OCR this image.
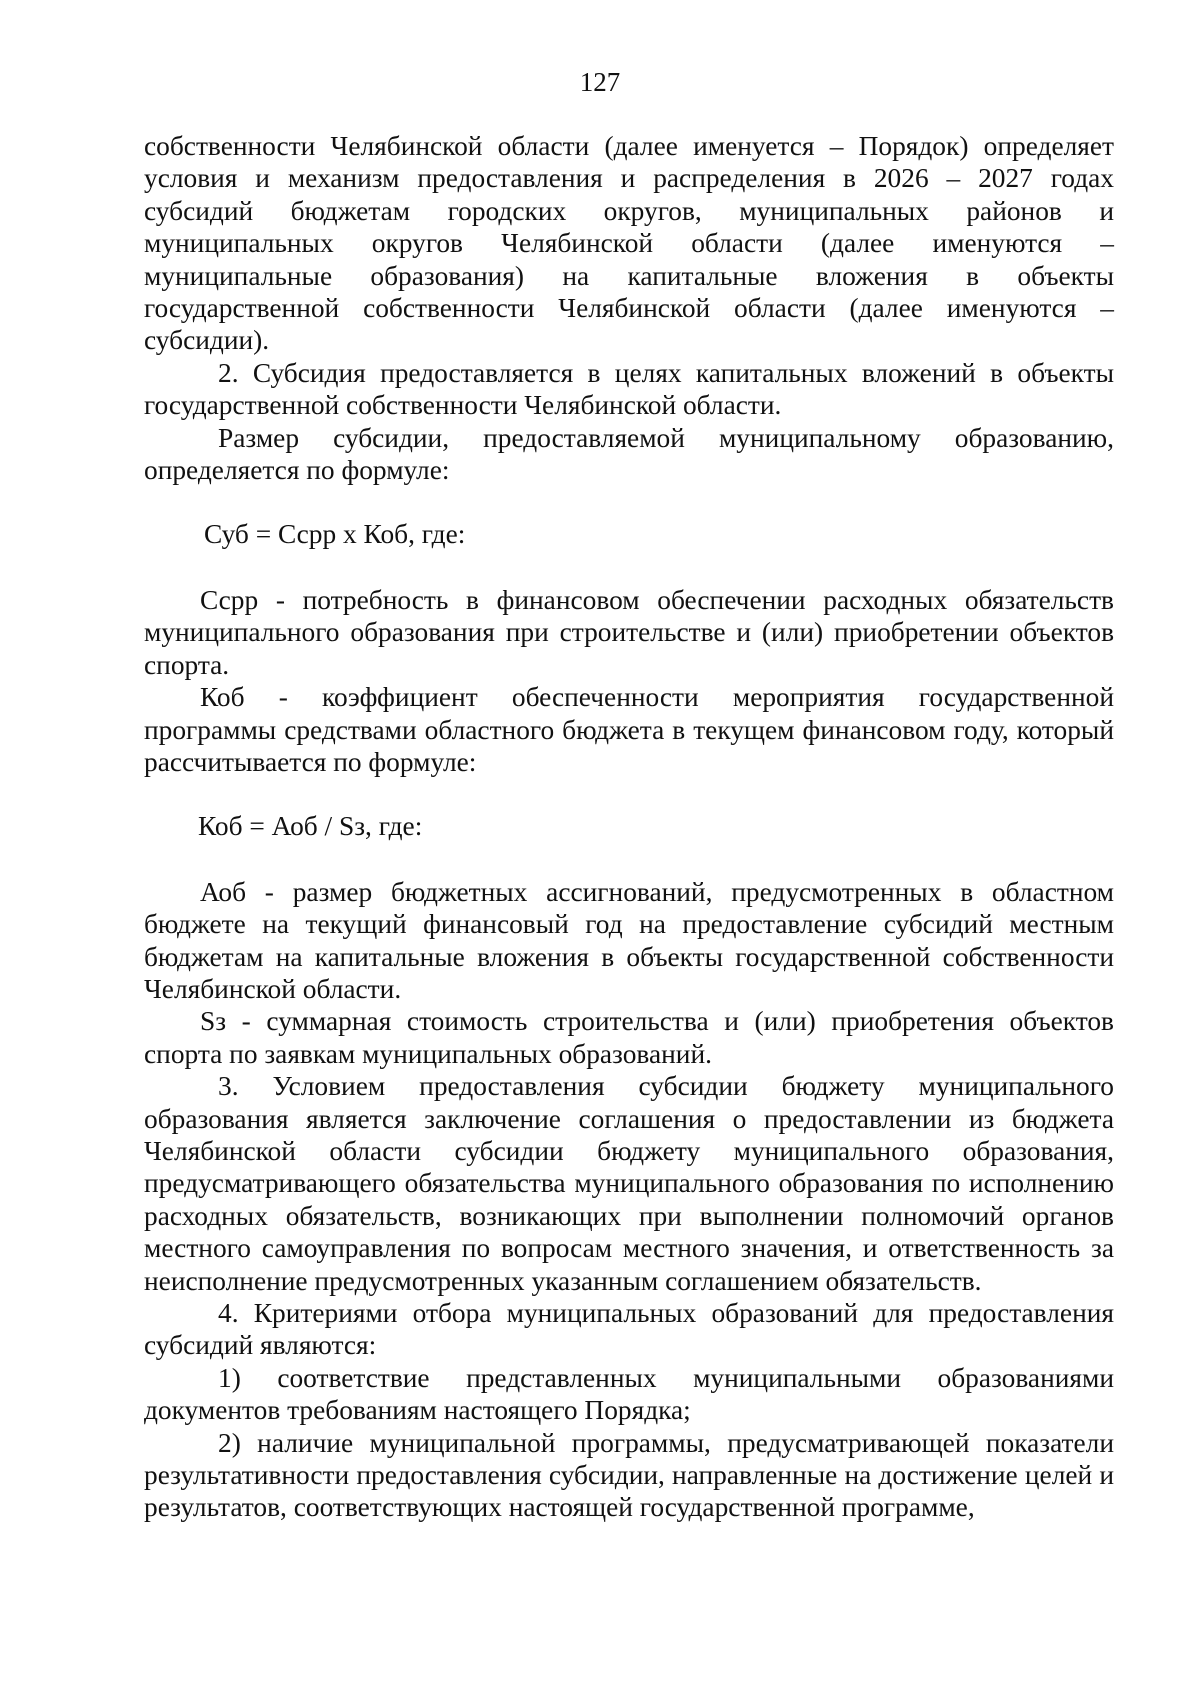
127

собственности Челябинской области (далее именуется – Порядок) определяет условия и механизм предоставления и распределения в 2026 – 2027 годах субсидий бюджетам городских округов, муниципальных районов и муниципальных округов Челябинской области (далее именуются – муниципальные образования) на капитальные вложения в объекты государственной собственности Челябинской области (далее именуются – субсидии).

2. Субсидия предоставляется в целях капитальных вложений в объекты государственной собственности Челябинской области.

Размер субсидии, предоставляемой муниципальному образованию, определяется по формуле:

Суб = Ссрр x Коб, где:

Ссрр - потребность в финансовом обеспечении расходных обязательств муниципального образования при строительстве и (или) приобретении объектов спорта.

Коб - коэффициент обеспеченности мероприятия государственной программы средствами областного бюджета в текущем финансовом году, который рассчитывается по формуле:

Коб = Аоб / Sз, где:

Аоб - размер бюджетных ассигнований, предусмотренных в областном бюджете на текущий финансовый год на предоставление субсидий местным бюджетам на капитальные вложения в объекты государственной собственности Челябинской области.

Sз - суммарная стоимость строительства и (или) приобретения объектов спорта по заявкам муниципальных образований.

3. Условием предоставления субсидии бюджету муниципального образования является заключение соглашения о предоставлении из бюджета Челябинской области субсидии бюджету муниципального образования, предусматривающего обязательства муниципального образования по исполнению расходных обязательств, возникающих при выполнении полномочий органов местного самоуправления по вопросам местного значения, и ответственность за неисполнение предусмотренных указанным соглашением обязательств.

4. Критериями отбора муниципальных образований для предоставления субсидий являются:

1) соответствие представленных муниципальными образованиями документов требованиям настоящего Порядка;

2) наличие муниципальной программы, предусматривающей показатели результативности предоставления субсидии, направленные на достижение целей и результатов, соответствующих настоящей государственной программе,
